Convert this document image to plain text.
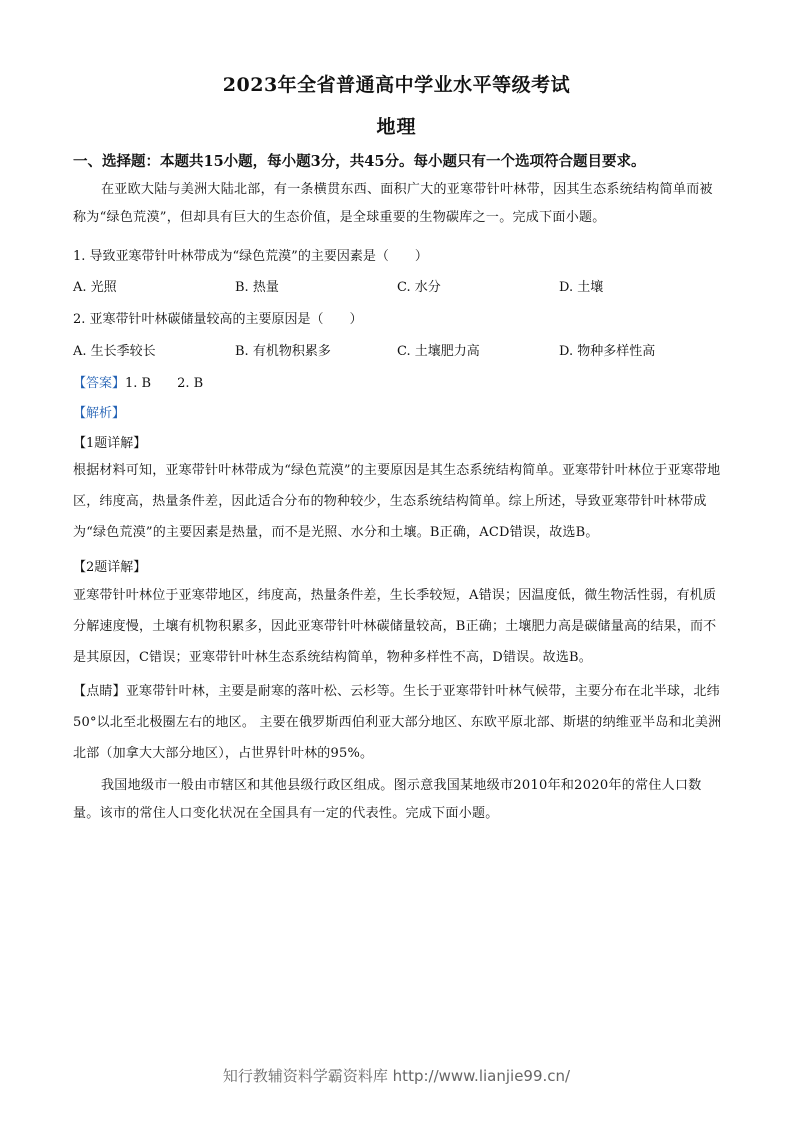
2023年全省普通高中学业水平等级考试
地理
一、选择题：本题共15小题，每小题3分，共45分。每小题只有一个选项符合题目要求。
在亚欧大陆与美洲大陆北部，有一条横贯东西、面积广大的亚寒带针叶林带，因其生态系统结构简单而被称为“绿色荒漠”，但却具有巨大的生态价值，是全球重要的生物碳库之一。完成下面小题。
1. 导致亚寒带针叶林带成为“绿色荒漠”的主要因素是（　　）
A. 光照	B. 热量	C. 水分	D. 土壤
2. 亚寒带针叶林碳储量较高的主要原因是（　　）
A. 生长季较长	B. 有机物积累多	C. 土壤肥力高	D. 物种多样性高
【答案】1. B　　2. B
【解析】
【1题详解】
根据材料可知，亚寒带针叶林带成为“绿色荒漠”的主要原因是其生态系统结构简单。亚寒带针叶林位于亚寒带地区，纬度高，热量条件差，因此适合分布的物种较少，生态系统结构简单。综上所述，导致亚寒带针叶林带成为“绿色荒漠”的主要因素是热量，而不是光照、水分和土壤。B正确，ACD错误，故选B。
【2题详解】
亚寒带针叶林位于亚寒带地区，纬度高，热量条件差，生长季较短，A错误；因温度低，微生物活性弱，有机质分解速度慢，土壤有机物积累多，因此亚寒带针叶林碳储量较高，B正确；土壤肥力高是碳储量高的结果，而不是其原因，C错误；亚寒带针叶林生态系统结构简单，物种多样性不高，D错误。故选B。
【点睛】亚寒带针叶林，主要是耐寒的落叶松、云杉等。生长于亚寒带针叶林气候带，主要分布在北半球，北纬50°以北至北极圈左右的地区。 主要在俄罗斯西伯利亚大部分地区、东欧平原北部、斯堪的纳维亚半岛和北美洲北部（加拿大大部分地区），占世界针叶林的95%。
我国地级市一般由市辖区和其他县级行政区组成。图示意我国某地级市2010年和2020年的常住人口数量。该市的常住人口变化状况在全国具有一定的代表性。完成下面小题。
知行教辅资料学霸资料库 http://www.lianjie99.cn/
